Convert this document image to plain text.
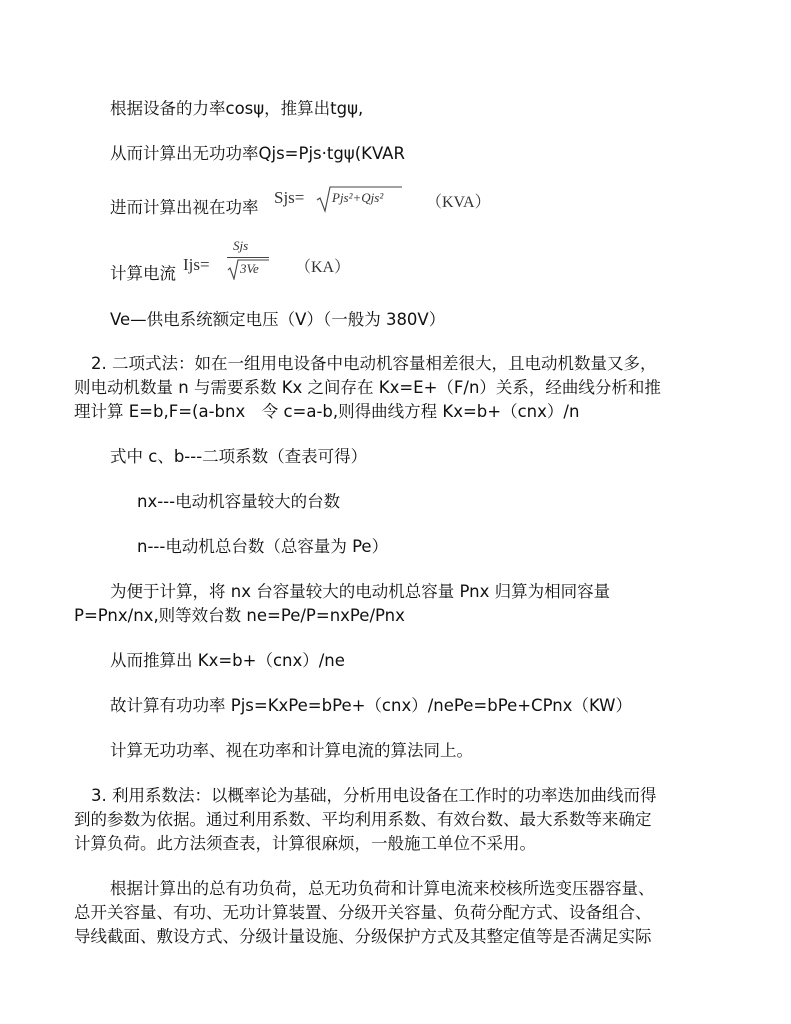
根据设备的力率cosψ，推算出tgψ,
从而计算出无功功率Qjs=Pjs·tgψ(KVAR
进而计算出视在功率
Sjs= Pjs²+Qjs²	（KVA）
计算电流 Ijs=
Sjs
3Ve （KA）
Ve—供电系统额定电压（V）（一般为 380V）
2. 二项式法：如在一组用电设备中电动机容量相差很大，且电动机数量又多，
则电动机数量 n 与需要系数 Kx 之间存在 Kx=E+（F/n）关系，经曲线分析和推
理计算 E=b,F=(a-bnx　令 c=a-b,则得曲线方程 Kx=b+（cnx）/n
式中 c、b---二项系数（查表可得）
nx---电动机容量较大的台数
n---电动机总台数（总容量为 Pe）
为便于计算，将 nx 台容量较大的电动机总容量 Pnx 归算为相同容量
P=Pnx/nx,则等效台数 ne=Pe/P=nxPe/Pnx
从而推算出 Kx=b+（cnx）/ne
故计算有功功率 Pjs=KxPe=bPe+（cnx）/nePe=bPe+CPnx（KW）
计算无功功率、视在功率和计算电流的算法同上。
3. 利用系数法：以概率论为基础，分析用电设备在工作时的功率迭加曲线而得
到的参数为依据。通过利用系数、平均利用系数、有效台数、最大系数等来确定
计算负荷。此方法须查表，计算很麻烦，一般施工单位不采用。
根据计算出的总有功负荷，总无功负荷和计算电流来校核所选变压器容量、
总开关容量、有功、无功计算装置、分级开关容量、负荷分配方式、设备组合、
导线截面、敷设方式、分级计量设施、分级保护方式及其整定值等是否满足实际
